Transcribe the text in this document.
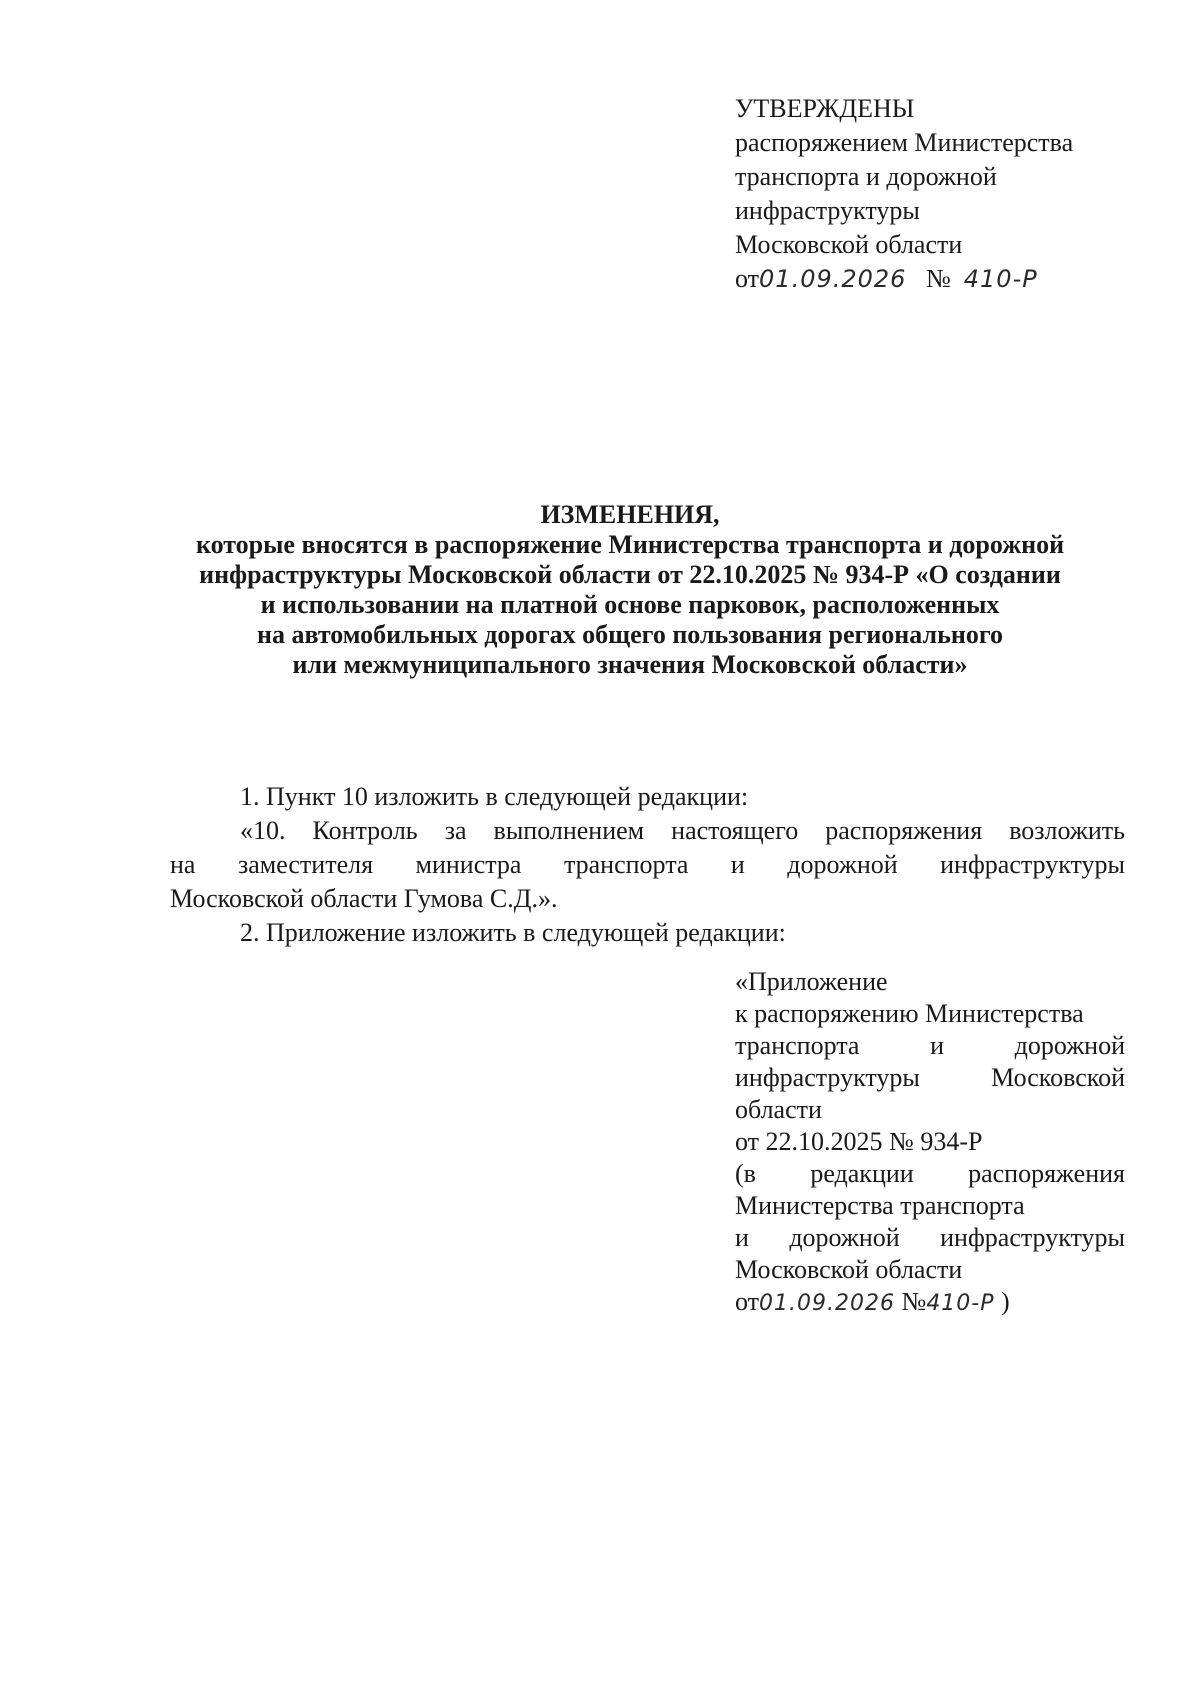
УТВЕРЖДЕНЫ
распоряжением Министерства
транспорта и дорожной
инфраструктуры
Московской области
от01.09.2026 № 410-Р
ИЗМЕНЕНИЯ,
которые вносятся в распоряжение Министерства транспорта и дорожной
инфраструктуры Московской области от 22.10.2025 № 934-Р «О создании
и использовании на платной основе парковок, расположенных
на автомобильных дорогах общего пользования регионального
или межмуниципального значения Московской области»
1. Пункт 10 изложить в следующей редакции:
«10. Контроль за выполнением настоящего распоряжения возложить
на заместителя министра транспорта и дорожной инфраструктуры
Московской области Гумова С.Д.».
2. Приложение изложить в следующей редакции:
«Приложение
к распоряжению Министерства
транспорта	и	дорожной
инфраструктуры	Московской
области
от 22.10.2025 № 934-Р
(в редакции распоряжения
Министерства транспорта
и дорожной инфраструктуры
Московской области
от01.09.2026 №410-Р )
